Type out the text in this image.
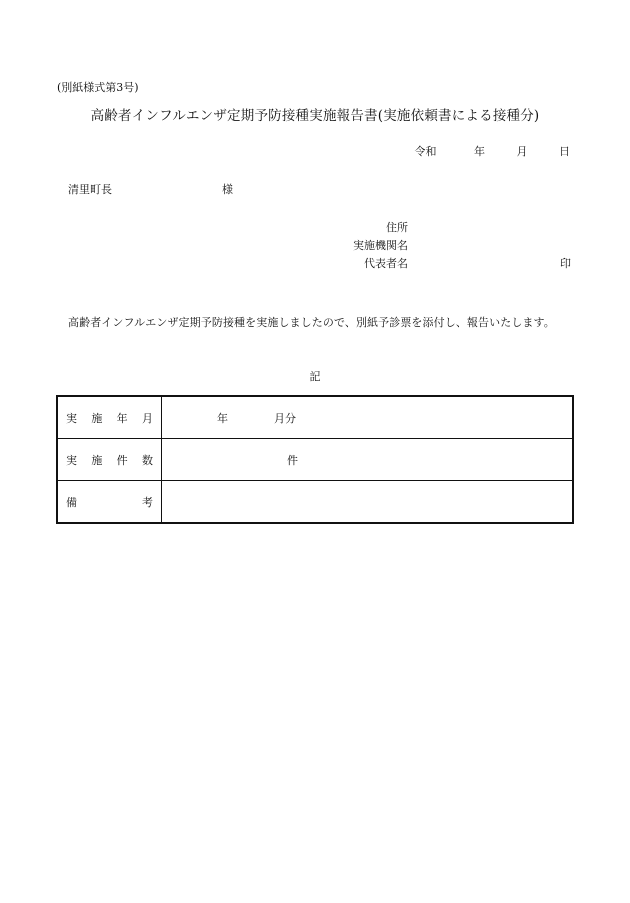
(別紙様式第3号)
高齢者インフルエンザ定期予防接種実施報告書(実施依頼書による接種分)
令和	年	月	日
清里町長	様
住所
実施機関名
代表者名	印
高齢者インフルエンザ定期予防接種を実施しましたので、別紙予診票を添付し、報告いたします。
記
実 施 年 月	年 月分

実 施 件 数	件

備 考	
